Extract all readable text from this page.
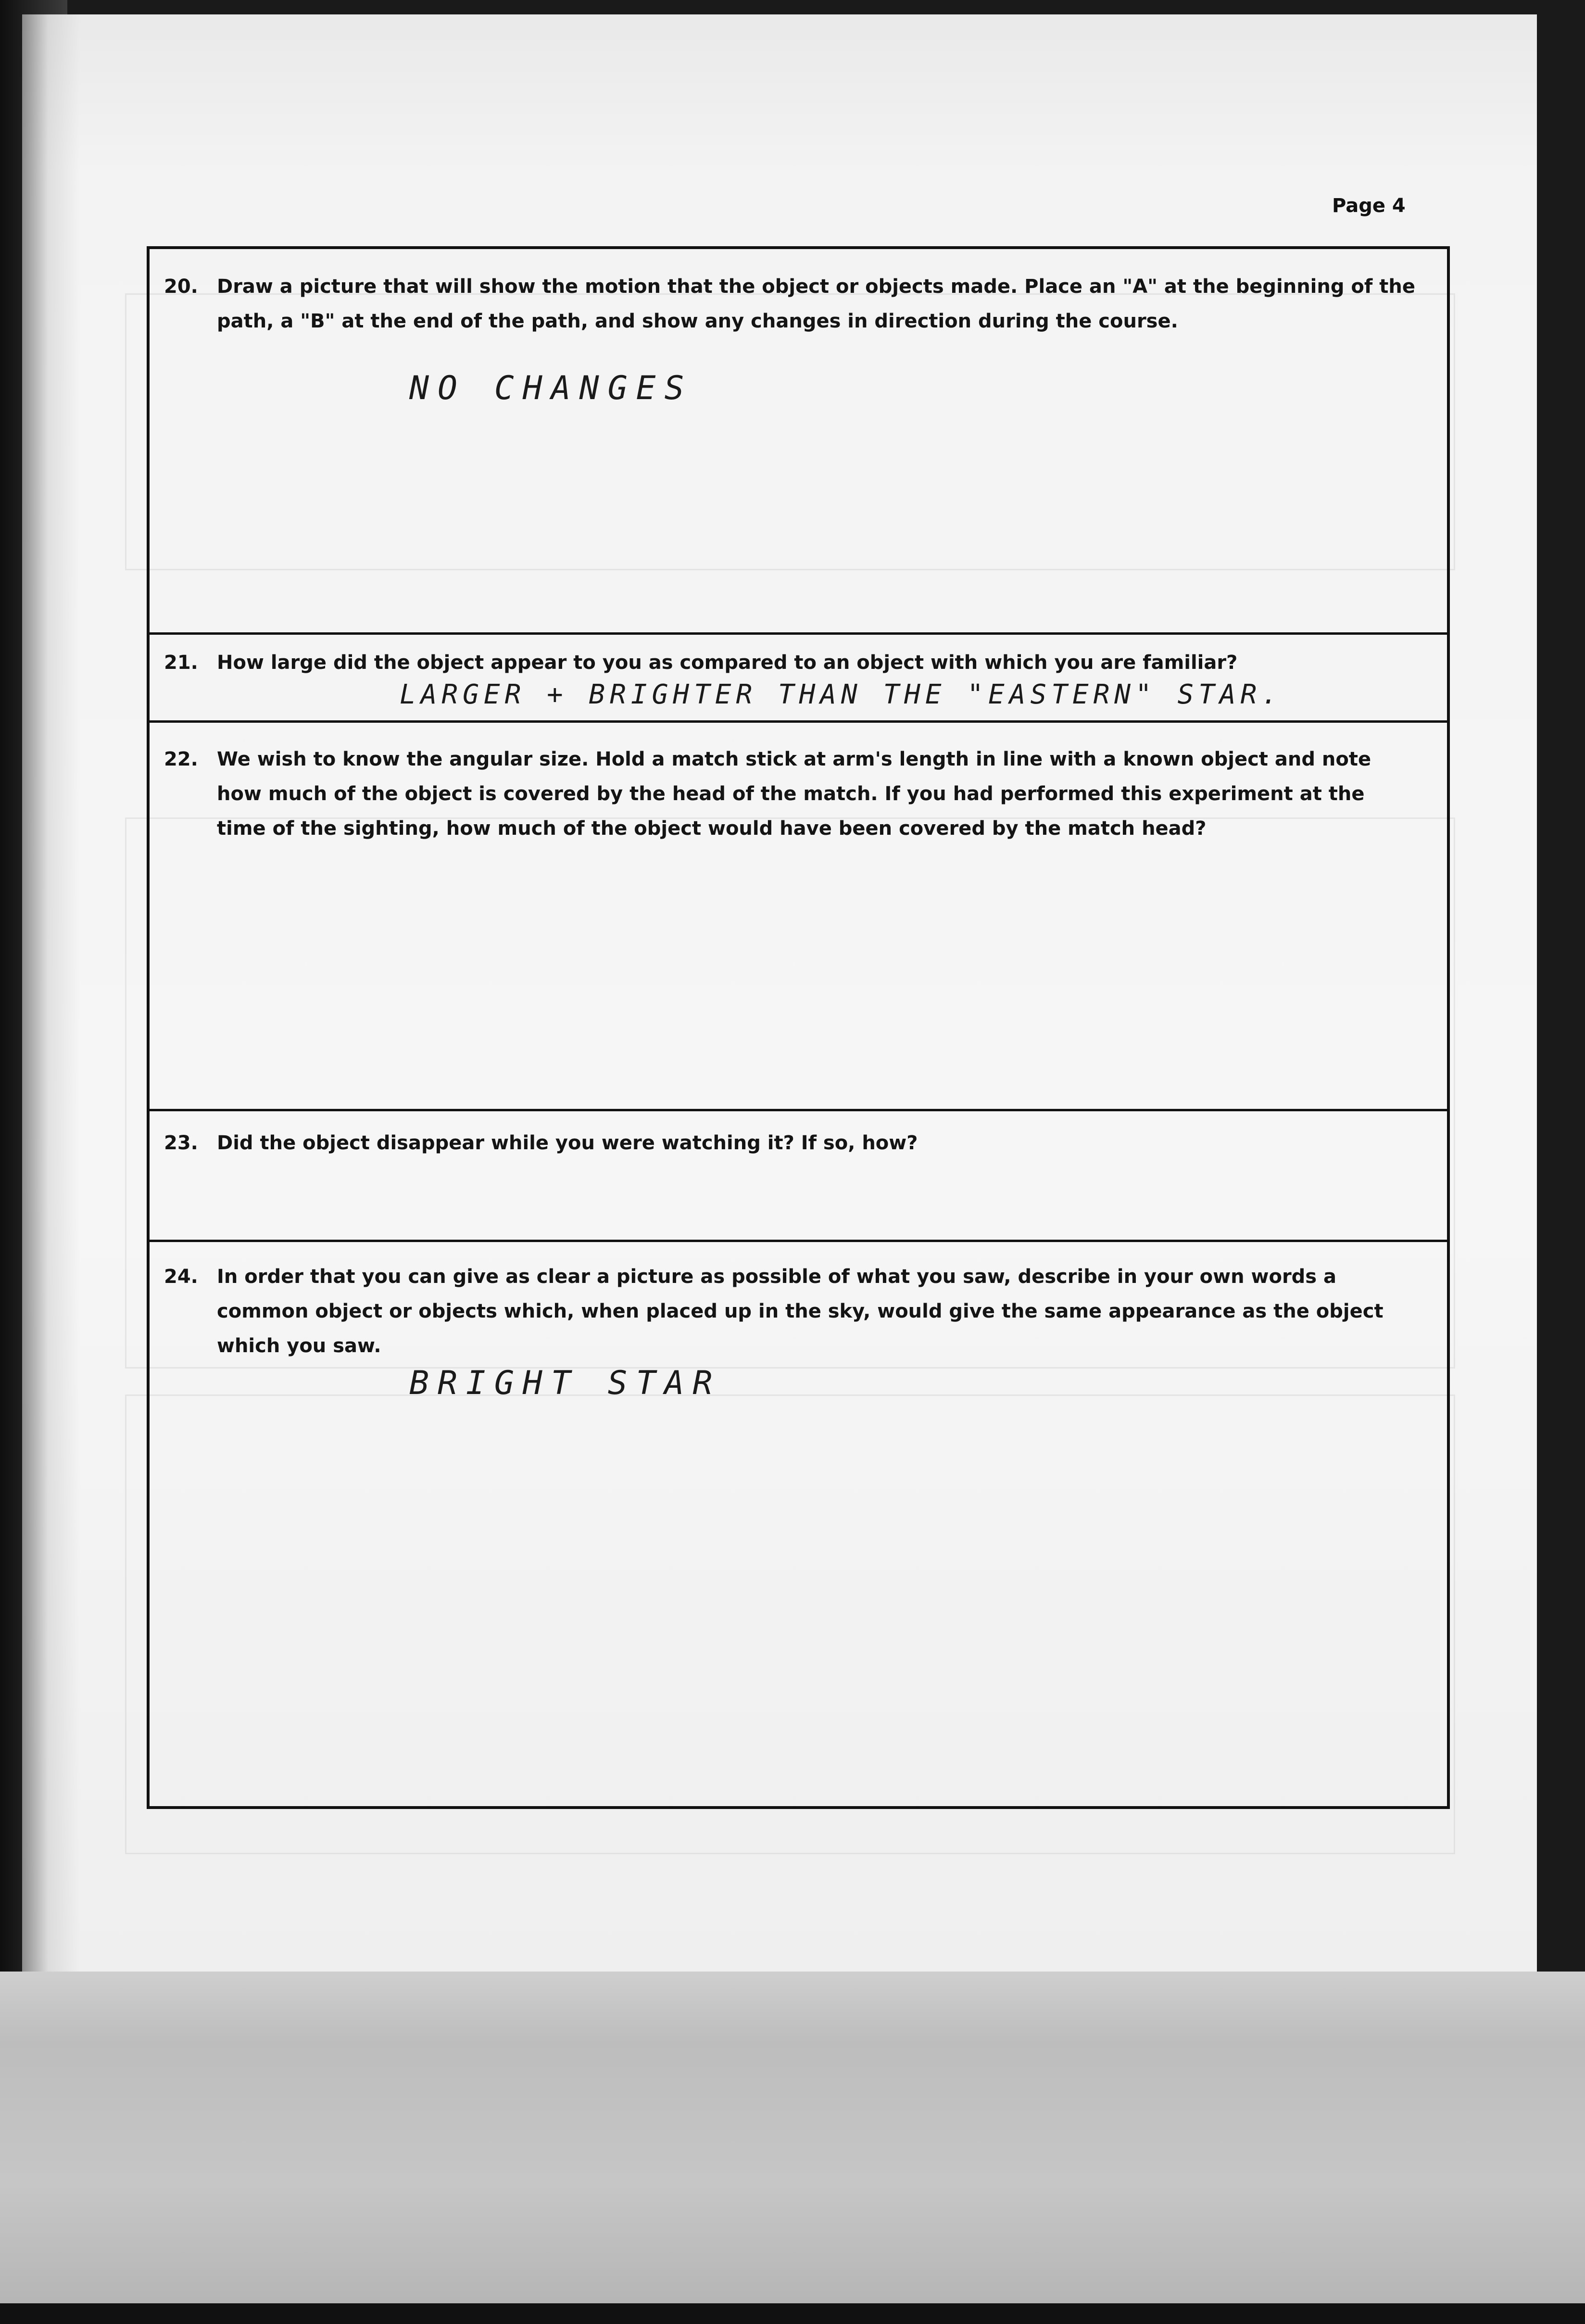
Page 4
20. Draw a picture that will show the motion that the object or objects made. Place an "A" at the beginning of the path, a "B" at the end of the path, and show any changes in direction during the course.
NO CHANGES
21. How large did the object appear to you as compared to an object with which you are familiar?
LARGER + BRIGHTER THAN THE "EASTERN" STAR.
22. We wish to know the angular size. Hold a match stick at arm's length in line with a known object and note how much of the object is covered by the head of the match. If you had performed this experiment at the time of the sighting, how much of the object would have been covered by the match head?
23. Did the object disappear while you were watching it? If so, how?
24. In order that you can give as clear a picture as possible of what you saw, describe in your own words a common object or objects which, when placed up in the sky, would give the same appearance as the object which you saw.
BRIGHT STAR
